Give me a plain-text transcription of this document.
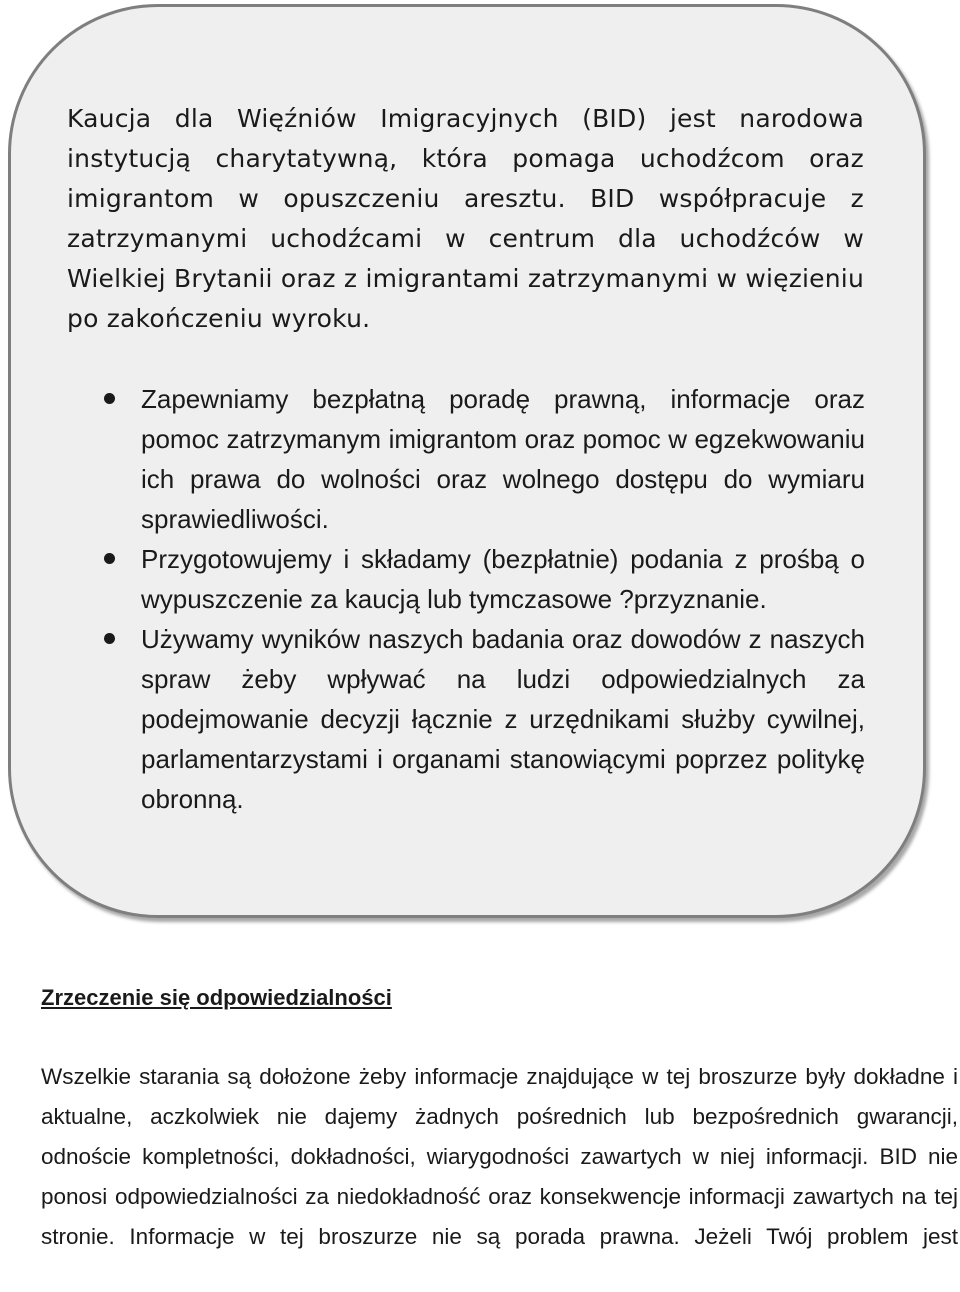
Kaucja dla Więźniów Imigracyjnych (BID) jest narodowa instytucją charytatywną, która pomaga uchodźcom oraz imigrantom w opuszczeniu aresztu. BID współpracuje z zatrzymanymi uchodźcami w centrum dla uchodźców w Wielkiej Brytanii oraz z imigrantami zatrzymanymi w więzieniu po zakończeniu wyroku.

Zapewniamy bezpłatną poradę prawną, informacje oraz pomoc zatrzymanym imigrantom oraz pomoc w egzekwowaniu ich prawa do wolności oraz wolnego dostępu do wymiaru sprawiedliwości.
Przygotowujemy i składamy (bezpłatnie) podania z prośbą o wypuszczenie za kaucją lub tymczasowe ?przyznanie.
Używamy wyników naszych badania oraz dowodów z naszych spraw żeby wpływać na ludzi odpowiedzialnych za podejmowanie decyzji łącznie z urzędnikami służby cywilnej, parlamentarzystami i organami stanowiącymi poprzez politykę obronną.
Zrzeczenie się odpowiedzialności

Wszelkie starania są dołożone żeby informacje znajdujące w tej broszurze były dokładne i aktualne, aczkolwiek nie dajemy żadnych pośrednich lub bezpośrednich gwarancji, odnoście kompletności, dokładności, wiarygodności zawartych w niej informacji. BID nie ponosi odpowiedzialności za niedokładność oraz konsekwencje informacji zawartych na tej stronie. Informacje w tej broszurze nie są porada prawna. Jeżeli Twój problem jest
